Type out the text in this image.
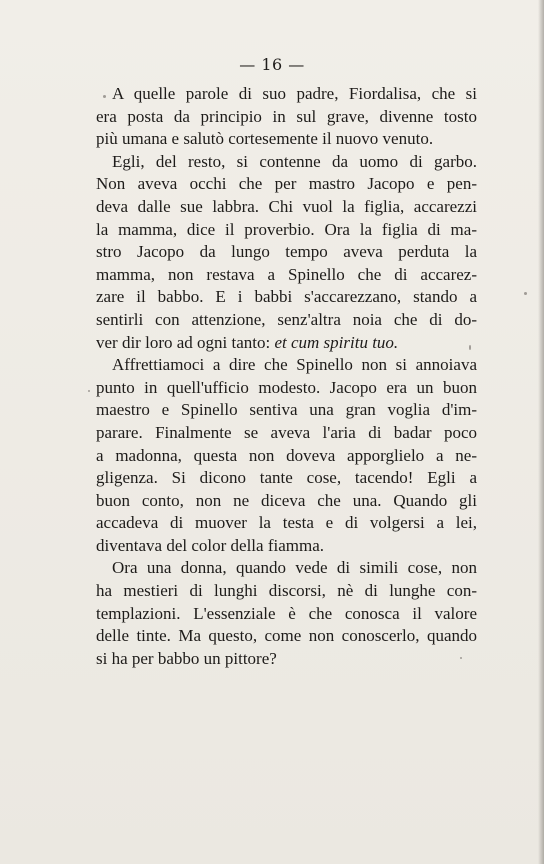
— 16 —
A quelle parole di suo padre, Fiordalisa, che si
era posta da principio in sul grave, divenne tosto
più umana e salutò cortesemente il nuovo venuto.
Egli, del resto, si contenne da uomo di garbo.
Non aveva occhi che per mastro Jacopo e pen-
deva dalle sue labbra. Chi vuol la figlia, accarezzi
la mamma, dice il proverbio. Ora la figlia di ma-
stro Jacopo da lungo tempo aveva perduta la
mamma, non restava a Spinello che di accarez-
zare il babbo. E i babbi s'accarezzano, stando a
sentirli con attenzione, senz'altra noia che di do-
ver dir loro ad ogni tanto: et cum spiritu tuo.
Affrettiamoci a dire che Spinello non si annoiava
punto in quell'ufficio modesto. Jacopo era un buon
maestro e Spinello sentiva una gran voglia d'im-
parare. Finalmente se aveva l'aria di badar poco
a madonna, questa non doveva apporglielo a ne-
gligenza. Si dicono tante cose, tacendo! Egli a
buon conto, non ne diceva che una. Quando gli
accadeva di muover la testa e di volgersi a lei,
diventava del color della fiamma.
Ora una donna, quando vede di simili cose, non
ha mestieri di lunghi discorsi, nè di lunghe con-
templazioni. L'essenziale è che conosca il valore
delle tinte. Ma questo, come non conoscerlo, quando
si ha per babbo un pittore?
